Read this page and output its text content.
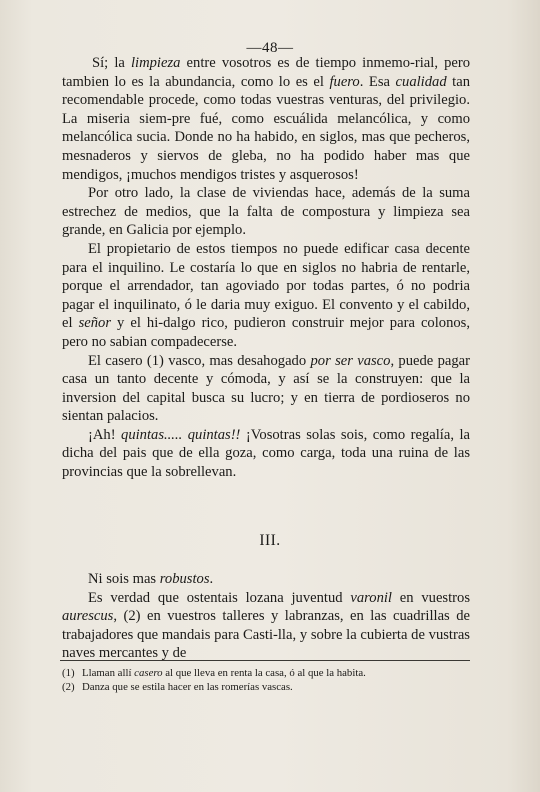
—48—

Sí; la limpieza entre vosotros es de tiempo inmemo-rial, pero tambien lo es la abundancia, como lo es el fuero. Esa cualidad tan recomendable procede, como todas vuestras venturas, del privilegio. La miseria siem-pre fué, como escuálida melancólica, y como melancólica sucia. Donde no ha habido, en siglos, mas que pecheros, mesnaderos y siervos de gleba, no ha podido haber mas que mendigos, ¡muchos mendigos tristes y asquerosos!

Por otro lado, la clase de viviendas hace, además de la suma estrechez de medios, que la falta de compostura y limpieza sea grande, en Galicia por ejemplo.

El propietario de estos tiempos no puede edificar casa decente para el inquilino. Le costaría lo que en siglos no habria de rentarle, porque el arrendador, tan agoviado por todas partes, ó no podria pagar el inquilinato, ó le daria muy exiguo. El convento y el cabildo, el señor y el hi-dalgo rico, pudieron construir mejor para colonos, pero no sabian compadecerse.

El casero (1) vasco, mas desahogado por ser vasco, puede pagar casa un tanto decente y cómoda, y así se la construyen: que la inversion del capital busca su lucro; y en tierra de pordioseros no sientan palacios.

¡Ah! quintas..... quintas!! ¡Vosotras solas sois, como regalía, la dicha del pais que de ella goza, como carga, toda una ruina de las provincias que la sobrellevan.

III.

Ni sois mas robustos.

Es verdad que ostentais lozana juventud varonil en vuestros aurescus, (2) en vuestros talleres y labranzas, en las cuadrillas de trabajadores que mandais para Casti-lla, y sobre la cubierta de vustras naves mercantes y de

(1) Llaman allí casero al que lleva en renta la casa, ó al que la habita.
(2) Danza que se estila hacer en las romerías vascas.
